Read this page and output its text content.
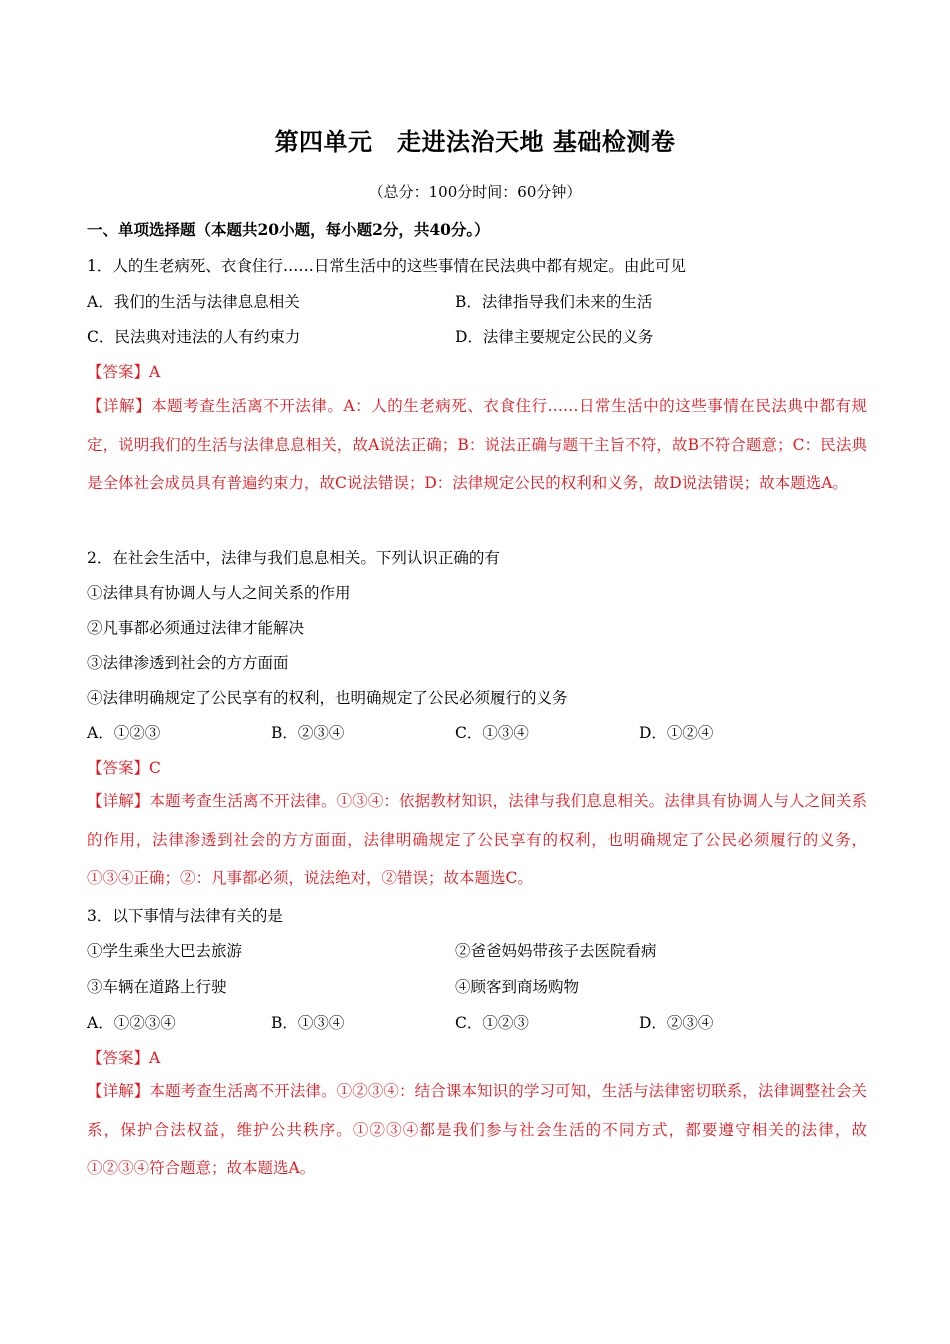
第四单元　走进法治天地 基础检测卷
（总分：100分时间：60分钟）
一、单项选择题（本题共20小题，每小题2分，共40分。）
1．人的生老病死、衣食住行……日常生活中的这些事情在民法典中都有规定。由此可见
A．我们的生活与法律息息相关	B．法律指导我们未来的生活
C．民法典对违法的人有约束力	D．法律主要规定公民的义务
【答案】A
【详解】本题考查生活离不开法律。A：人的生老病死、衣食住行……日常生活中的这些事情在民法典中都有规定，说明我们的生活与法律息息相关，故A说法正确；B：说法正确与题干主旨不符，故B不符合题意；C：民法典是全体社会成员具有普遍约束力，故C说法错误；D：法律规定公民的权利和义务，故D说法错误；故本题选A。
2．在社会生活中，法律与我们息息相关。下列认识正确的有
①法律具有协调人与人之间关系的作用
②凡事都必须通过法律才能解决
③法律渗透到社会的方方面面
④法律明确规定了公民享有的权利，也明确规定了公民必须履行的义务
A．①②③	B．②③④	C．①③④	D．①②④
【答案】C
【详解】本题考查生活离不开法律。①③④：依据教材知识，法律与我们息息相关。法律具有协调人与人之间关系的作用，法律渗透到社会的方方面面，法律明确规定了公民享有的权利，也明确规定了公民必须履行的义务，①③④正确；②：凡事都必须，说法绝对，②错误；故本题选C。
3．以下事情与法律有关的是
①学生乘坐大巴去旅游	②爸爸妈妈带孩子去医院看病
③车辆在道路上行驶	④顾客到商场购物
A．①②③④	B．①③④	C．①②③	D．②③④
【答案】A
【详解】本题考查生活离不开法律。①②③④：结合课本知识的学习可知，生活与法律密切联系，法律调整社会关系，保护合法权益，维护公共秩序。①②③④都是我们参与社会生活的不同方式，都要遵守相关的法律，故①②③④符合题意；故本题选A。
